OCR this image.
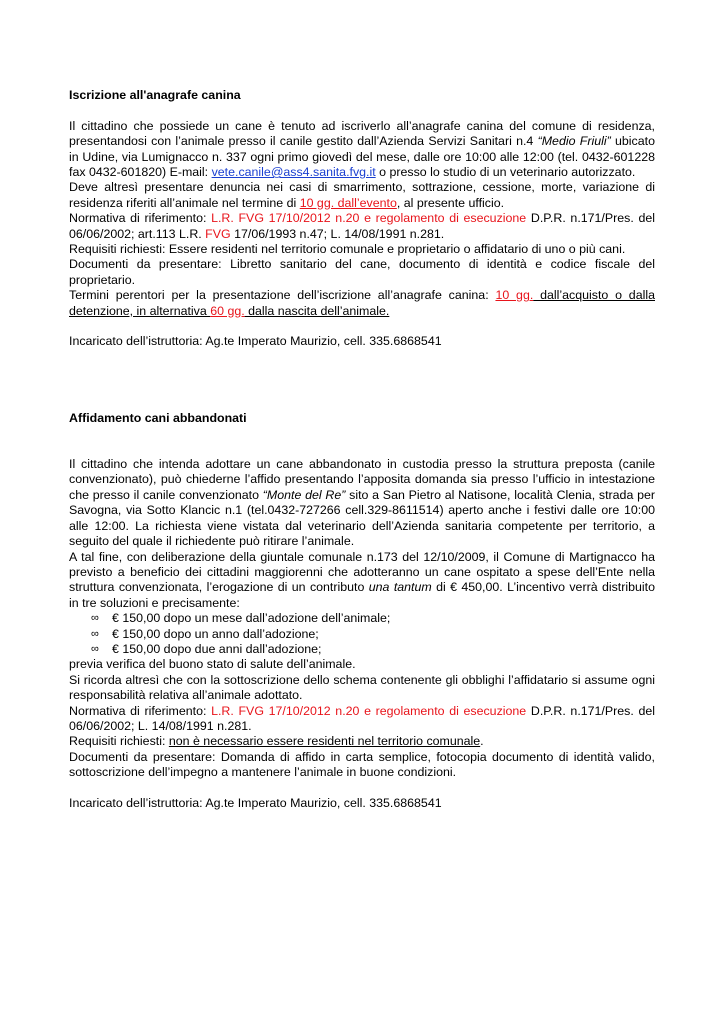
Iscrizione all'anagrafe canina

Il cittadino che possiede un cane è tenuto ad iscriverlo all’anagrafe canina del comune di residenza, presentandosi con l’animale presso il canile gestito dall’Azienda Servizi Sanitari n.4 “Medio Friuli” ubicato in Udine, via Lumignacco n. 337 ogni primo giovedì del mese, dalle ore 10:00 alle 12:00 (tel. 0432-601228 fax 0432-601820) E-mail: vete.canile@ass4.sanita.fvg.it o presso lo studio di un veterinario autorizzato.

Deve altresì presentare denuncia nei casi di smarrimento, sottrazione, cessione, morte, variazione di residenza riferiti all’animale nel termine di 10 gg. dall’evento, al presente ufficio.

Normativa di riferimento: L.R. FVG 17/10/2012 n.20 e regolamento di esecuzione D.P.R. n.171/Pres. del 06/06/2002; art.113 L.R. FVG 17/06/1993 n.47; L. 14/08/1991 n.281.

Requisiti richiesti: Essere residenti nel territorio comunale e proprietario o affidatario di uno o più cani.

Documenti da presentare: Libretto sanitario del cane, documento di identità e codice fiscale del proprietario.

Termini perentori per la presentazione dell’iscrizione all’anagrafe canina: 10 gg. dall’acquisto o dalla detenzione, in alternativa 60 gg. dalla nascita dell’animale.

Incaricato dell’istruttoria: Ag.te Imperato Maurizio, cell. 335.6868541

Affidamento cani abbandonati

Il cittadino che intenda adottare un cane abbandonato in custodia presso la struttura preposta (canile convenzionato), può chiederne l’affido presentando l’apposita domanda sia presso l’ufficio in intestazione che presso il canile convenzionato “Monte del Re” sito a San Pietro al Natisone, località Clenia, strada per Savogna, via Sotto Klancic n.1 (tel.0432-727266 cell.329-8611514) aperto anche i festivi dalle ore 10:00 alle 12:00. La richiesta viene vistata dal veterinario dell’Azienda sanitaria competente per territorio, a seguito del quale il richiedente può ritirare l’animale.

A tal fine, con deliberazione della giuntale comunale n.173 del 12/10/2009, il Comune di Martignacco ha previsto a beneficio dei cittadini maggiorenni che adotteranno un cane ospitato a spese dell’Ente nella struttura convenzionata, l’erogazione di un contributo una tantum di € 450,00. L’incentivo verrà distribuito in tre soluzioni e precisamente:

∞ € 150,00 dopo un mese dall’adozione dell’animale;
∞ € 150,00 dopo un anno dall’adozione;
∞ € 150,00 dopo due anni dall’adozione;

previa verifica del buono stato di salute dell’animale.

Si ricorda altresì che con la sottoscrizione dello schema contenente gli obblighi l’affidatario si assume ogni responsabilità relativa all’animale adottato.

Normativa di riferimento: L.R. FVG 17/10/2012 n.20 e regolamento di esecuzione D.P.R. n.171/Pres. del 06/06/2002; L. 14/08/1991 n.281.

Requisiti richiesti: non è necessario essere residenti nel territorio comunale.

Documenti da presentare: Domanda di affido in carta semplice, fotocopia documento di identità valido, sottoscrizione dell’impegno a mantenere l’animale in buone condizioni.

Incaricato dell’istruttoria: Ag.te Imperato Maurizio, cell. 335.6868541
